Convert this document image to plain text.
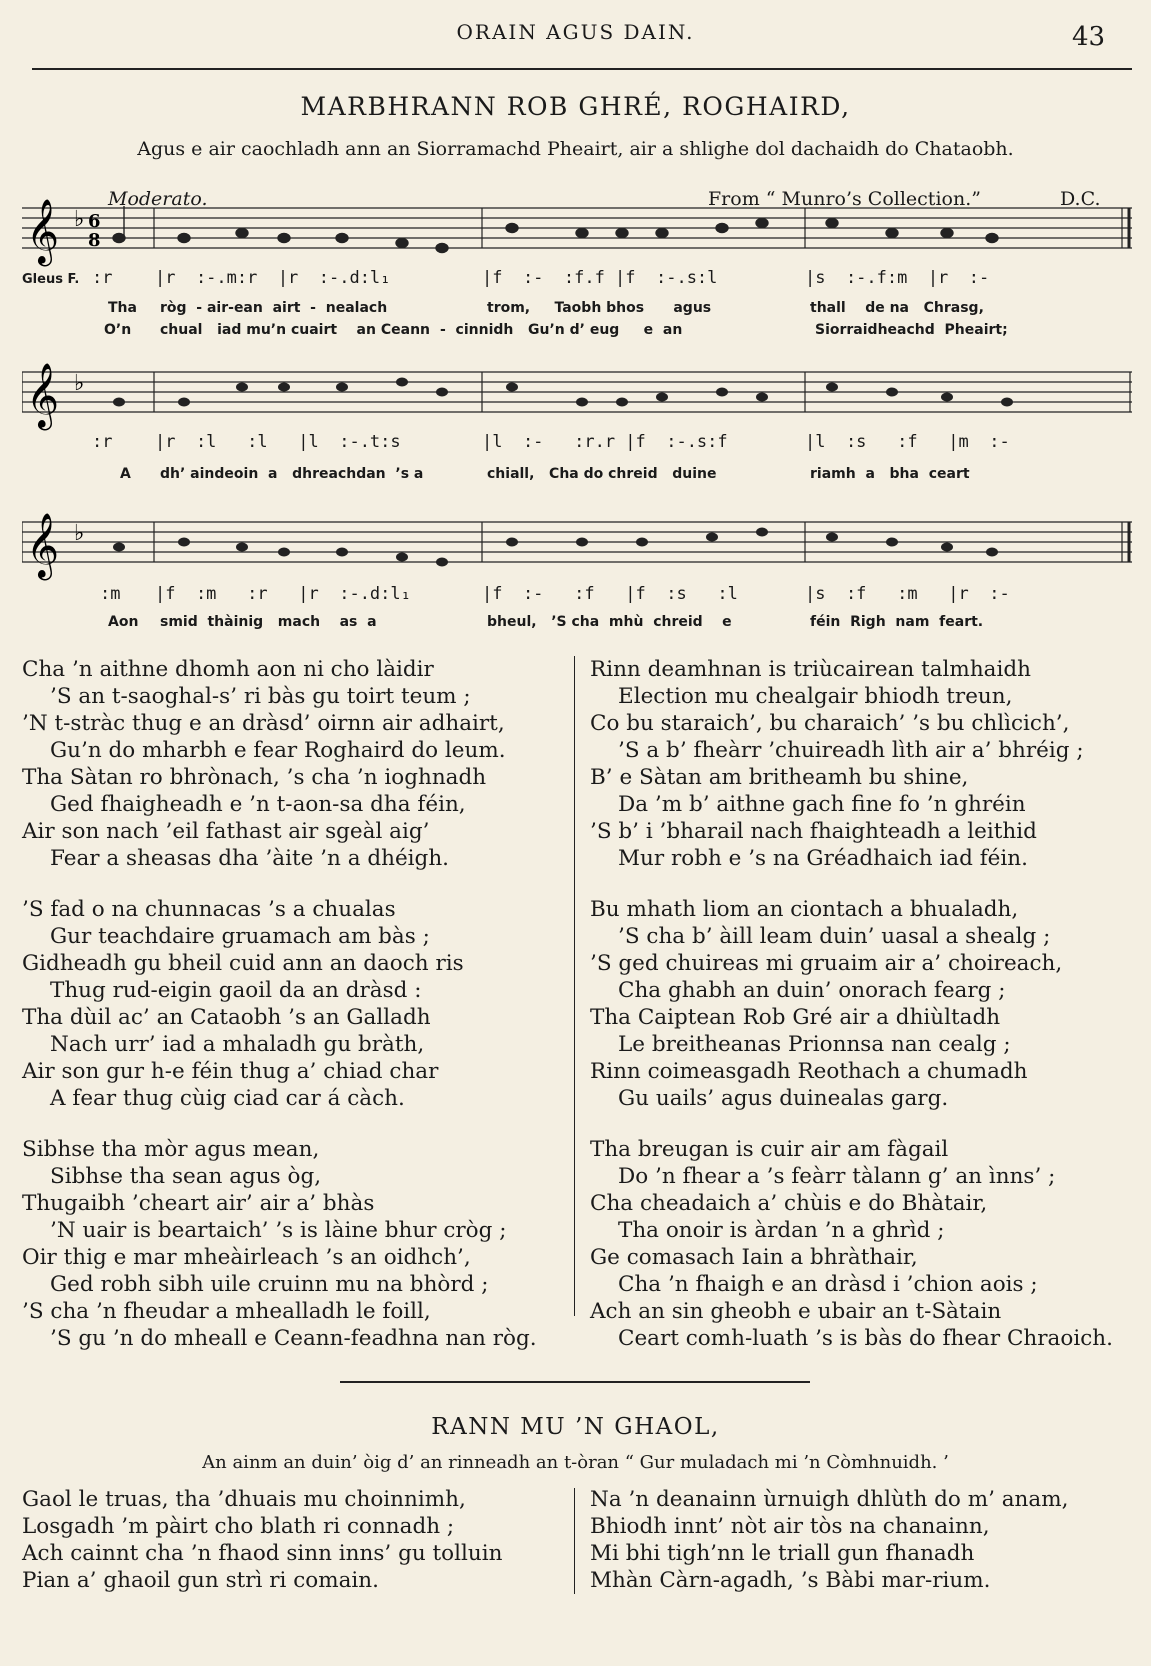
ORAIN AGUS DAIN.	43
MARBHRANN ROB GHRÉ, ROGHAIRD,
Agus e air caochladh ann an Siorramachd Pheairt, air a shlighe dol dachaidh do Chataobh.
Moderato.	From “ Munro’s Collection.”	D.C.
𝄞 ♭ 6
8
Gleus F. :r	|r  :-.m:r  |r  :-.d:l₁	|f  :-  :f.f |f  :-.s:l	|s  :-.f:m  |r  :-
Tha ròg  - air-ean  airt  -  nealach	trom,     Taobh bhos      agus	thall    de na   Chrasg,
O’n chual   iad mu’n cuairt    an Ceann -  cinnidh   Gu’n d’ eug     e  an	Siorraidheachd  Pheairt;
𝄞 ♭
:r	|r  :l   :l   |l  :-.t:s	|l  :-   :r.r |f  :-.s:f	|l  :s   :f   |m  :-
A dh’ aindeoin  a   dhreachdan  ’s a	chiall,   Cha do chreid   duine	riamh  a   bha  ceart
𝄞 ♭
:m |f  :m   :r   |r  :-.d:l₁	|f  :-   :f   |f  :s   :l	|s  :f   :m   |r  :-
Aon smid  thàinig   mach    as  a	bheul,   ’S cha  mhù  chreid    e	féin  Righ  nam  feart.
Cha ’n aithne dhomh aon ni cho làidir
’S an t-saoghal-s’ ri bàs gu toirt teum ;
’N t-stràc thug e an dràsd’ oirnn air adhairt,
Gu’n do mharbh e fear Roghaird do leum.
Tha Sàtan ro bhrònach, ’s cha ’n ioghnadh
Ged fhaigheadh e ’n t-aon-sa dha féin,
Air son nach ’eil fathast air sgeàl aig’
Fear a sheasas dha ’àite ’n a dhéigh.
’S fad o na chunnacas ’s a chualas
Gur teachdaire gruamach am bàs ;
Gidheadh gu bheil cuid ann an daoch ris
Thug rud-eigin gaoil da an dràsd :
Tha dùil ac’ an Cataobh ’s an Galladh
Nach urr’ iad a mhaladh gu bràth,
Air son gur h-e féin thug a’ chiad char
A fear thug cùig ciad car á càch.
Sibhse tha mòr agus mean,
Sibhse tha sean agus òg,
Thugaibh ’cheart air’ air a’ bhàs
’N uair is beartaich’ ’s is làine bhur cròg ;
Oir thig e mar mheàirleach ’s an oidhch’,
Ged robh sibh uile cruinn mu na bhòrd ;
’S cha ’n fheudar a mhealladh le foill,
’S gu ’n do mheall e Ceann-feadhna nan ròg.
Rinn deamhnan is triùcairean talmhaidh
Election mu chealgair bhiodh treun,
Co bu staraich’, bu charaich’ ’s bu chlìcich’,
’S a b’ fheàrr ’chuireadh lìth air a’ bhréig ;
B’ e Sàtan am britheamh bu shine,
Da ’m b’ aithne gach fine fo ’n ghréin
’S b’ i ’bharail nach fhaighteadh a leithid
Mur robh e ’s na Gréadhaich iad féin.
Bu mhath liom an ciontach a bhualadh,
’S cha b’ àill leam duin’ uasal a shealg ;
’S ged chuireas mi gruaim air a’ choireach,
Cha ghabh an duin’ onorach fearg ;
Tha Caiptean Rob Gré air a dhiùltadh
Le breitheanas Prionnsa nan cealg ;
Rinn coimeasgadh Reothach a chumadh
Gu uails’ agus duinealas garg.
Tha breugan is cuir air am fàgail
Do ’n fhear a ’s feàrr tàlann g’ an ìnns’ ;
Cha cheadaich a’ chùis e do Bhàtair,
Tha onoir is àrdan ’n a ghrìd ;
Ge comasach Iain a bhràthair,
Cha ’n fhaigh e an dràsd i ’chion aois ;
Ach an sin gheobh e ubair an t-Sàtain
Ceart comh-luath ’s is bàs do fhear Chraoich.
RANN MU ’N GHAOL,
An ainm an duin’ òig d’ an rinneadh an t-òran “ Gur muladach mi ’n Còmhnuidh. ’
Gaol le truas, tha ’dhuais mu choinnimh,
Losgadh ’m pàirt cho blath ri connadh ;
Ach cainnt cha ’n fhaod sinn inns’ gu tolluin
Pian a’ ghaoil gun strì ri comain.
Na ’n deanainn ùrnuigh dhlùth do m’ anam,
Bhiodh innt’ nòt air tòs na chanainn,
Mi bhi tigh’nn le triall gun fhanadh
Mhàn Càrn-agadh, ’s Bàbi mar-rium.
